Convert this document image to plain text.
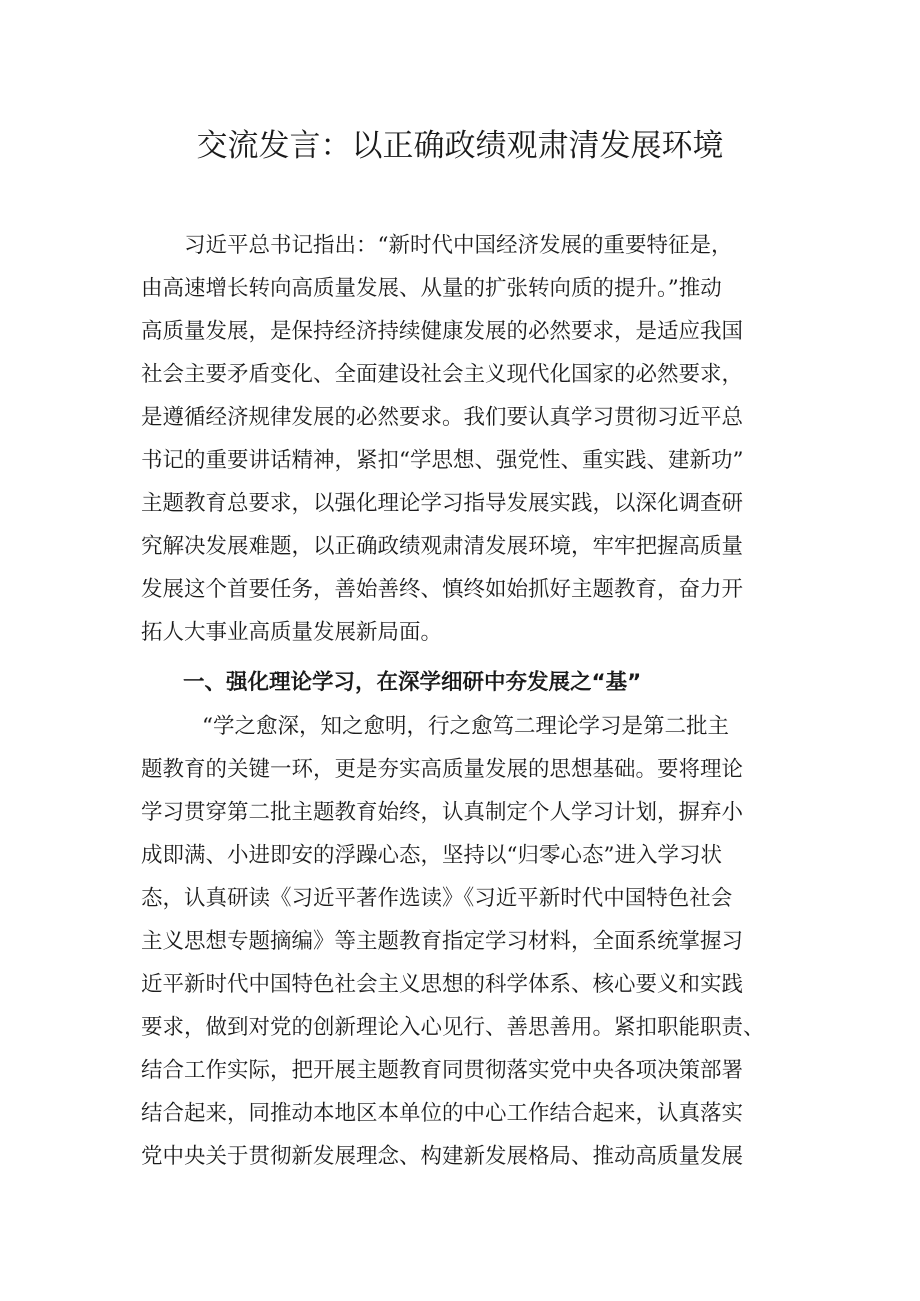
交流发言：以正确政绩观肃清发展环境
习近平总书记指出：“新时代中国经济发展的重要特征是，
由高速增长转向高质量发展、从量的扩张转向质的提升。”推动
高质量发展，是保持经济持续健康发展的必然要求，是适应我国
社会主要矛盾变化、全面建设社会主义现代化国家的必然要求，
是遵循经济规律发展的必然要求。我们要认真学习贯彻习近平总
书记的重要讲话精神，紧扣“学思想、强党性、重实践、建新功”
主题教育总要求，以强化理论学习指导发展实践，以深化调查研
究解决发展难题，以正确政绩观肃清发展环境，牢牢把握高质量
发展这个首要任务，善始善终、慎终如始抓好主题教育，奋力开
拓人大事业高质量发展新局面。
一、强化理论学习，在深学细研中夯发展之“基”
“学之愈深，知之愈明，行之愈笃二理论学习是第二批主
题教育的关键一环，更是夯实高质量发展的思想基础。要将理论
学习贯穿第二批主题教育始终，认真制定个人学习计划，摒弃小
成即满、小进即安的浮躁心态，坚持以“归零心态”进入学习状
态，认真研读《习近平著作选读》《习近平新时代中国特色社会
主义思想专题摘编》等主题教育指定学习材料，全面系统掌握习
近平新时代中国特色社会主义思想的科学体系、核心要义和实践
要求，做到对党的创新理论入心见行、善思善用。紧扣职能职责、
结合工作实际，把开展主题教育同贯彻落实党中央各项决策部署
结合起来，同推动本地区本单位的中心工作结合起来，认真落实
党中央关于贯彻新发展理念、构建新发展格局、推动高质量发展
